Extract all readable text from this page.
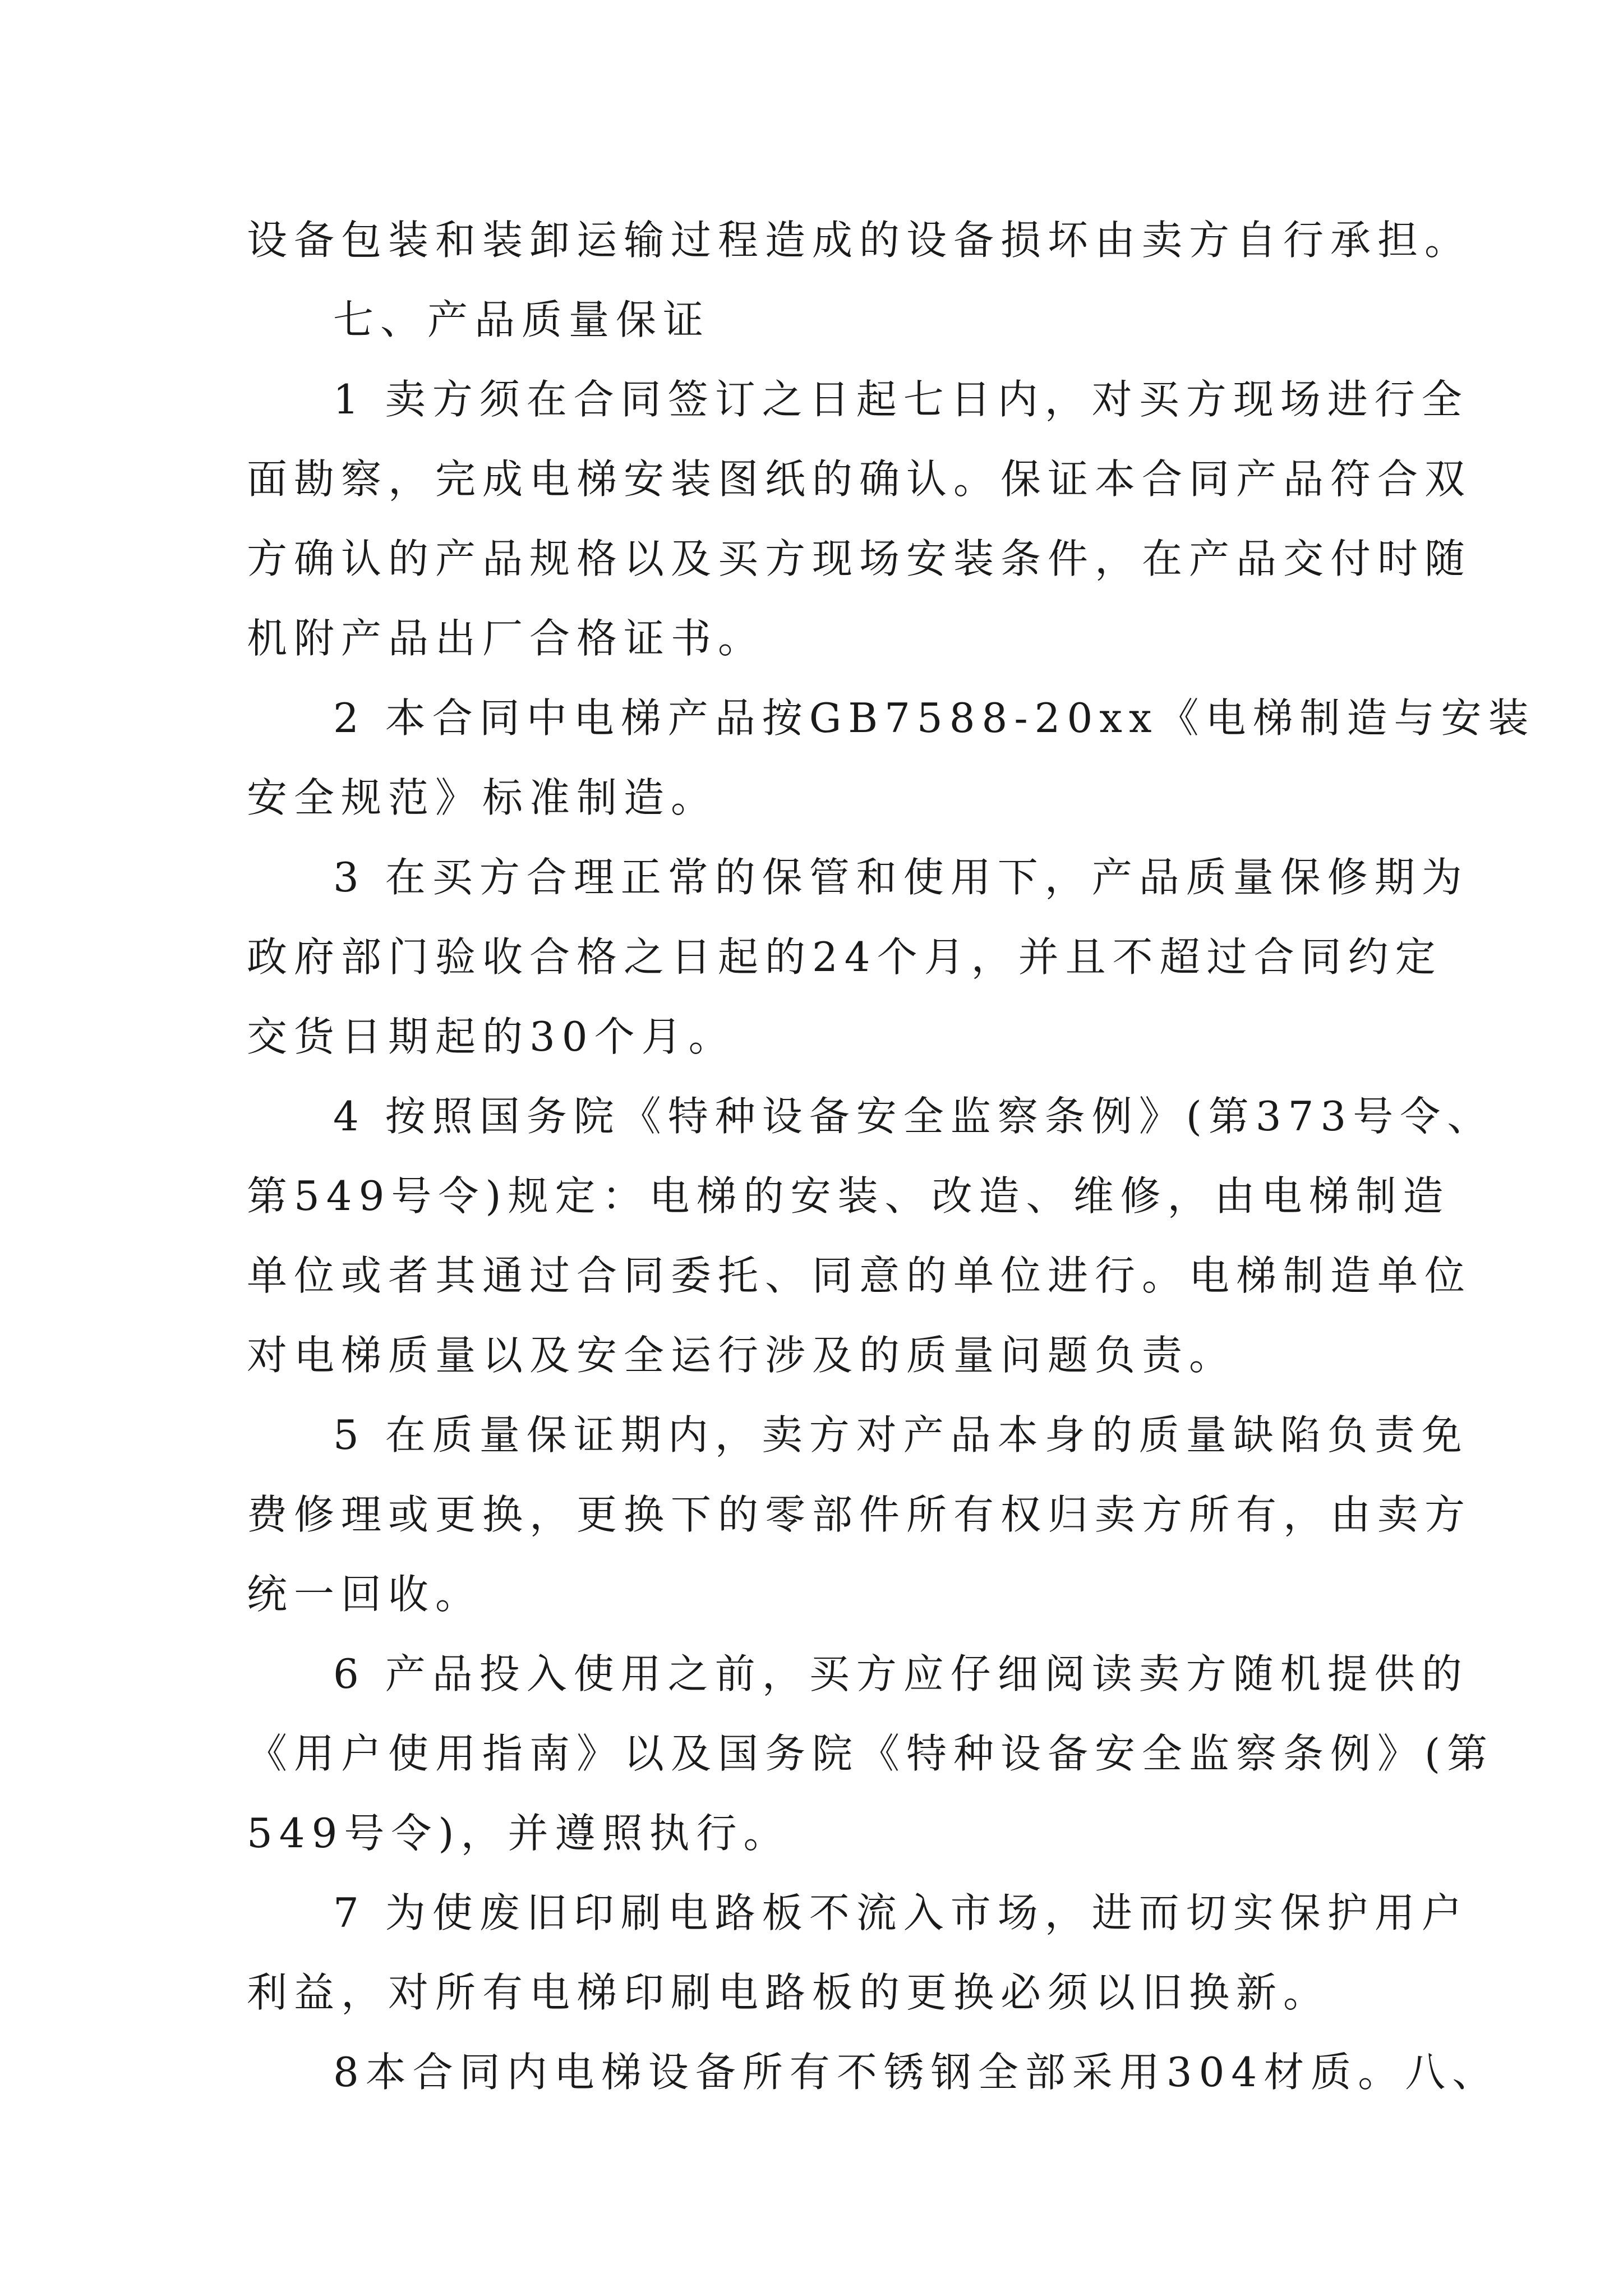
设备包装和装卸运输过程造成的设备损坏由卖方自行承担。
七、产品质量保证
1 卖方须在合同签订之日起七日内，对买方现场进行全
面勘察，完成电梯安装图纸的确认。保证本合同产品符合双
方确认的产品规格以及买方现场安装条件，在产品交付时随
机附产品出厂合格证书。
2 本合同中电梯产品按GB7588-20xx《电梯制造与安装
安全规范》标准制造。
3 在买方合理正常的保管和使用下，产品质量保修期为
政府部门验收合格之日起的24个月，并且不超过合同约定
交货日期起的30个月。
4 按照国务院《特种设备安全监察条例》(第373号令、
第549号令)规定：电梯的安装、改造、维修，由电梯制造
单位或者其通过合同委托、同意的单位进行。电梯制造单位
对电梯质量以及安全运行涉及的质量问题负责。
5 在质量保证期内，卖方对产品本身的质量缺陷负责免
费修理或更换，更换下的零部件所有权归卖方所有，由卖方
统一回收。
6 产品投入使用之前，买方应仔细阅读卖方随机提供的
《用户使用指南》以及国务院《特种设备安全监察条例》(第
549号令)，并遵照执行。
7 为使废旧印刷电路板不流入市场，进而切实保护用户
利益，对所有电梯印刷电路板的更换必须以旧换新。
8本合同内电梯设备所有不锈钢全部采用304材质。八、
